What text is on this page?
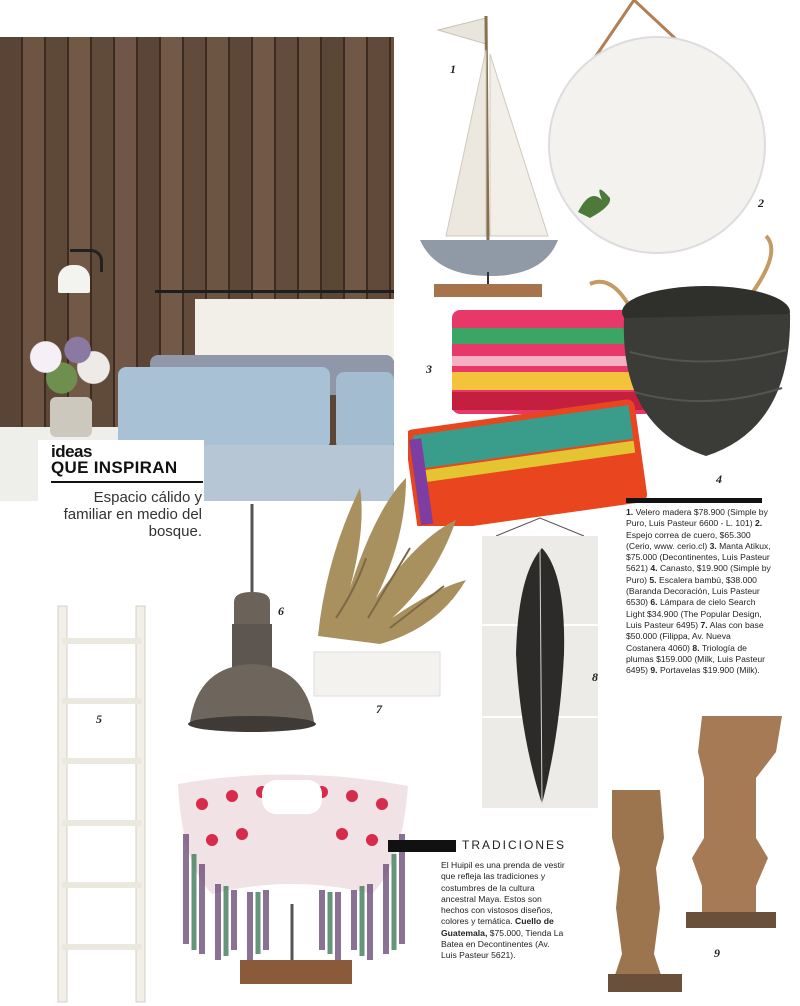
ideas
QUE INSPIRAN
Espacio cálido y familiar en medio del bosque.
1
2
3
4
5
6
7
8
9
1. Velero madera $78.900 (Simple by Puro, Luis Pasteur 6600 - L. 101) 2. Espejo correa de cuero, $65.300 (Cerio, www. cerio.cl) 3. Manta Atikux, $75.000 (Decontinentes, Luis Pasteur 5621) 4. Canasto, $19.900 (Simple by Puro) 5. Escalera bambú, $38.000 (Baranda Decoración, Luis Pasteur 6530) 6. Lámpara de cielo Search Light $34.900 (The Popular Design, Luis Pasteur 6495) 7. Alas con base $50.000 (Filippa, Av. Nueva Costanera 4060) 8. Triología de plumas $159.000 (Milk, Luis Pasteur 6495) 9. Portavelas $19.900 (Milk).
TRADICIONES
El Huipil es una prenda de vestir que refleja las tradiciones y costumbres de la cultura ancestral Maya. Estos son hechos con vistosos diseños, colores y temática. Cuello de Guatemala, $75.000, Tienda La Batea en Decontinentes (Av. Luis Pasteur 5621).
